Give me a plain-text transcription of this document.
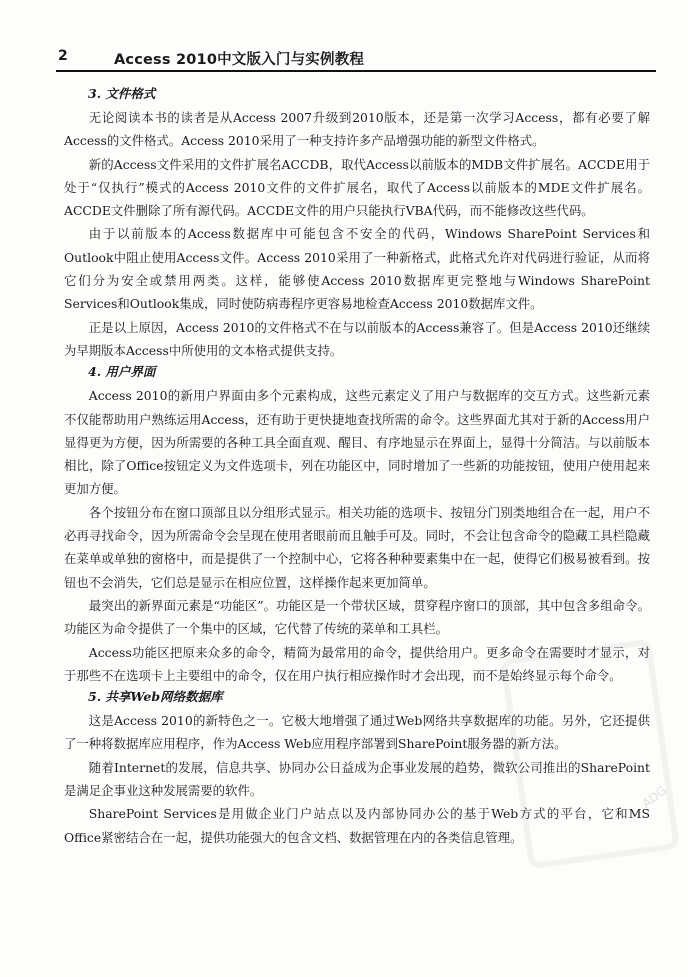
2	Access 2010中文版入门与实例教程
3. 文件格式

无论阅读本书的读者是从Access 2007升级到2010版本，还是第一次学习Access，都有必要了解Access的文件格式。Access 2010采用了一种支持许多产品增强功能的新型文件格式。

新的Access文件采用的文件扩展名ACCDB，取代Access以前版本的MDB文件扩展名。ACCDE用于处于“仅执行”模式的Access 2010文件的文件扩展名，取代了Access以前版本的MDE文件扩展名。ACCDE文件删除了所有源代码。ACCDE文件的用户只能执行VBA代码，而不能修改这些代码。

由于以前版本的Access数据库中可能包含不安全的代码，Windows SharePoint Services和Outlook中阻止使用Access文件。Access 2010采用了一种新格式，此格式允许对代码进行验证，从而将它们分为安全或禁用两类。这样，能够使Access 2010数据库更完整地与Windows SharePoint Services和Outlook集成，同时使防病毒程序更容易地检查Access 2010数据库文件。

正是以上原因，Access 2010的文件格式不在与以前版本的Access兼容了。但是Access 2010还继续为早期版本Access中所使用的文本格式提供支持。

4. 用户界面

Access 2010的新用户界面由多个元素构成，这些元素定义了用户与数据库的交互方式。这些新元素不仅能帮助用户熟练运用Access，还有助于更快捷地查找所需的命令。这些界面尤其对于新的Access用户显得更为方便，因为所需要的各种工具全面直观、醒目、有序地显示在界面上，显得十分简洁。与以前版本相比，除了Office按钮定义为文件选项卡，列在功能区中，同时增加了一些新的功能按钮，使用户使用起来更加方便。

各个按钮分布在窗口顶部且以分组形式显示。相关功能的选项卡、按钮分门别类地组合在一起，用户不必再寻找命令，因为所需命令会呈现在使用者眼前而且触手可及。同时，不会让包含命令的隐藏工具栏隐藏在菜单或单独的窗格中，而是提供了一个控制中心，它将各种种要素集中在一起，使得它们极易被看到。按钮也不会消失，它们总是显示在相应位置，这样操作起来更加简单。

最突出的新界面元素是“功能区”。功能区是一个带状区域，贯穿程序窗口的顶部，其中包含多组命令。功能区为命令提供了一个集中的区域，它代替了传统的菜单和工具栏。

Access功能区把原来众多的命令，精简为最常用的命令，提供给用户。更多命令在需要时才显示，对于那些不在选项卡上主要组中的命令，仅在用户执行相应操作时才会出现，而不是始终显示每个命令。

5. 共享Web网络数据库

这是Access 2010的新特色之一。它极大地增强了通过Web网络共享数据库的功能。另外，它还提供了一种将数据库应用程序，作为Access Web应用程序部署到SharePoint服务器的新方法。

随着Internet的发展，信息共享、协同办公日益成为企事业发展的趋势，微软公司推出的SharePoint是满足企事业这种发展需要的软件。

SharePoint Services是用做企业门户站点以及内部协同办公的基于Web方式的平台，它和MS Office紧密结合在一起，提供功能强大的包含文档、数据管理在内的各类信息管理。

ADG
